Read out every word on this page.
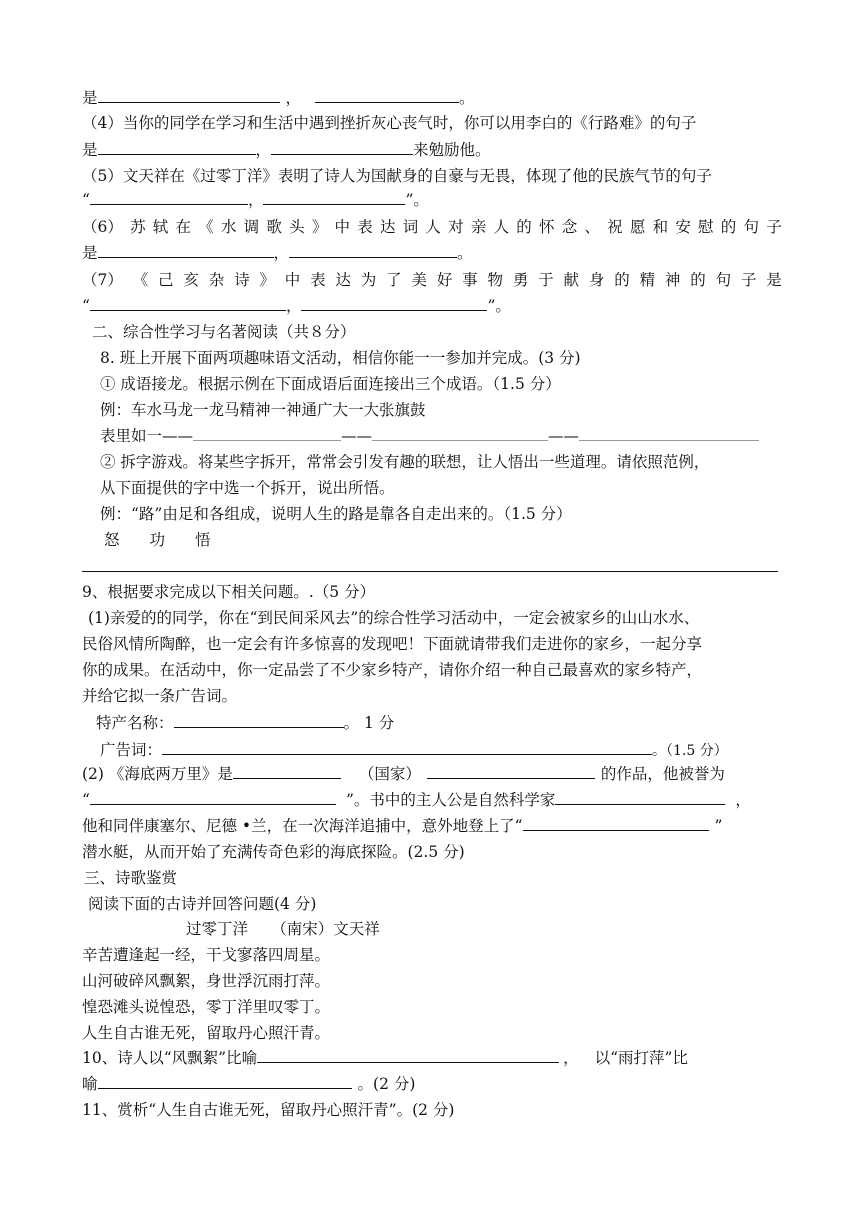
是	，	。
（4）当你的同学在学习和生活中遇到挫折灰心丧气时，你可以用李白的《行路难》的句子
是	，	来勉励他。
（5）文天祥在《过零丁洋》表明了诗人为国献身的自豪与无畏，体现了他的民族气节的句子
“	，	”。
（6） 苏 轼 在 《 水 调 歌 头 》 中 表 达 词 人 对 亲 人 的 怀 念 、 祝 愿 和 安 慰 的 句 子
是	，	。
（7） 《 己 亥 杂 诗 》 中 表 达 为 了 美 好 事 物 勇 于 献 身 的 精 神 的 句 子 是
“	，	”。
二、综合性学习与名著阅读（共８分）
8. 班上开展下面两项趣味语文活动，相信你能一一参加并完成。(3 分)
① 成语接龙。根据示例在下面成语后面连接出三个成语。（1.5 分）
例：车水马龙一龙马精神一神通广大一大张旗鼓
表里如一——	——	——
② 拆字游戏。将某些字拆开，常常会引发有趣的联想，让人悟出一些道理。请依照范例，
从下面提供的字中选一个拆开，说出所悟。
例：“路”由足和各组成，说明人生的路是靠各自走出来的。（1.5 分）
怒 功 悟
9、根据要求完成以下相关问题。.（5 分）
(1)亲爱的的同学，你在“到民间采风去”的综合性学习活动中，一定会被家乡的山山水水、
民俗风情所陶醉，也一定会有许多惊喜的发现吧！下面就请带我们走进你的家乡，一起分享
你的成果。在活动中，你一定品尝了不少家乡特产，请你介绍一种自己最喜欢的家乡特产，
并给它拟一条广告词。
特产名称：	。 1 分
广告词：	。（1.5 分）
(2) 《海底两万里》是	（国家）	的作品，他被誉为
“	”。书中的主人公是自然科学家	，
他和同伴康塞尔、尼德 •兰，在一次海洋追捕中，意外地登上了“	”
潜水艇，从而开始了充满传奇色彩的海底探险。(2.5 分)
三、诗歌鉴赏
阅读下面的古诗并回答问题(4 分)
过零丁洋　　（南宋）文天祥
辛苦遭逢起一经，干戈寥落四周星。
山河破碎风飘絮，身世浮沉雨打萍。
惶恐滩头说惶恐，零丁洋里叹零丁。
人生自古谁无死，留取丹心照汗青。
10、诗人以“风飘絮”比喻	， 以“雨打萍”比
喻	。(2 分)
11、赏析“人生自古谁无死，留取丹心照汗青”。(2 分)
